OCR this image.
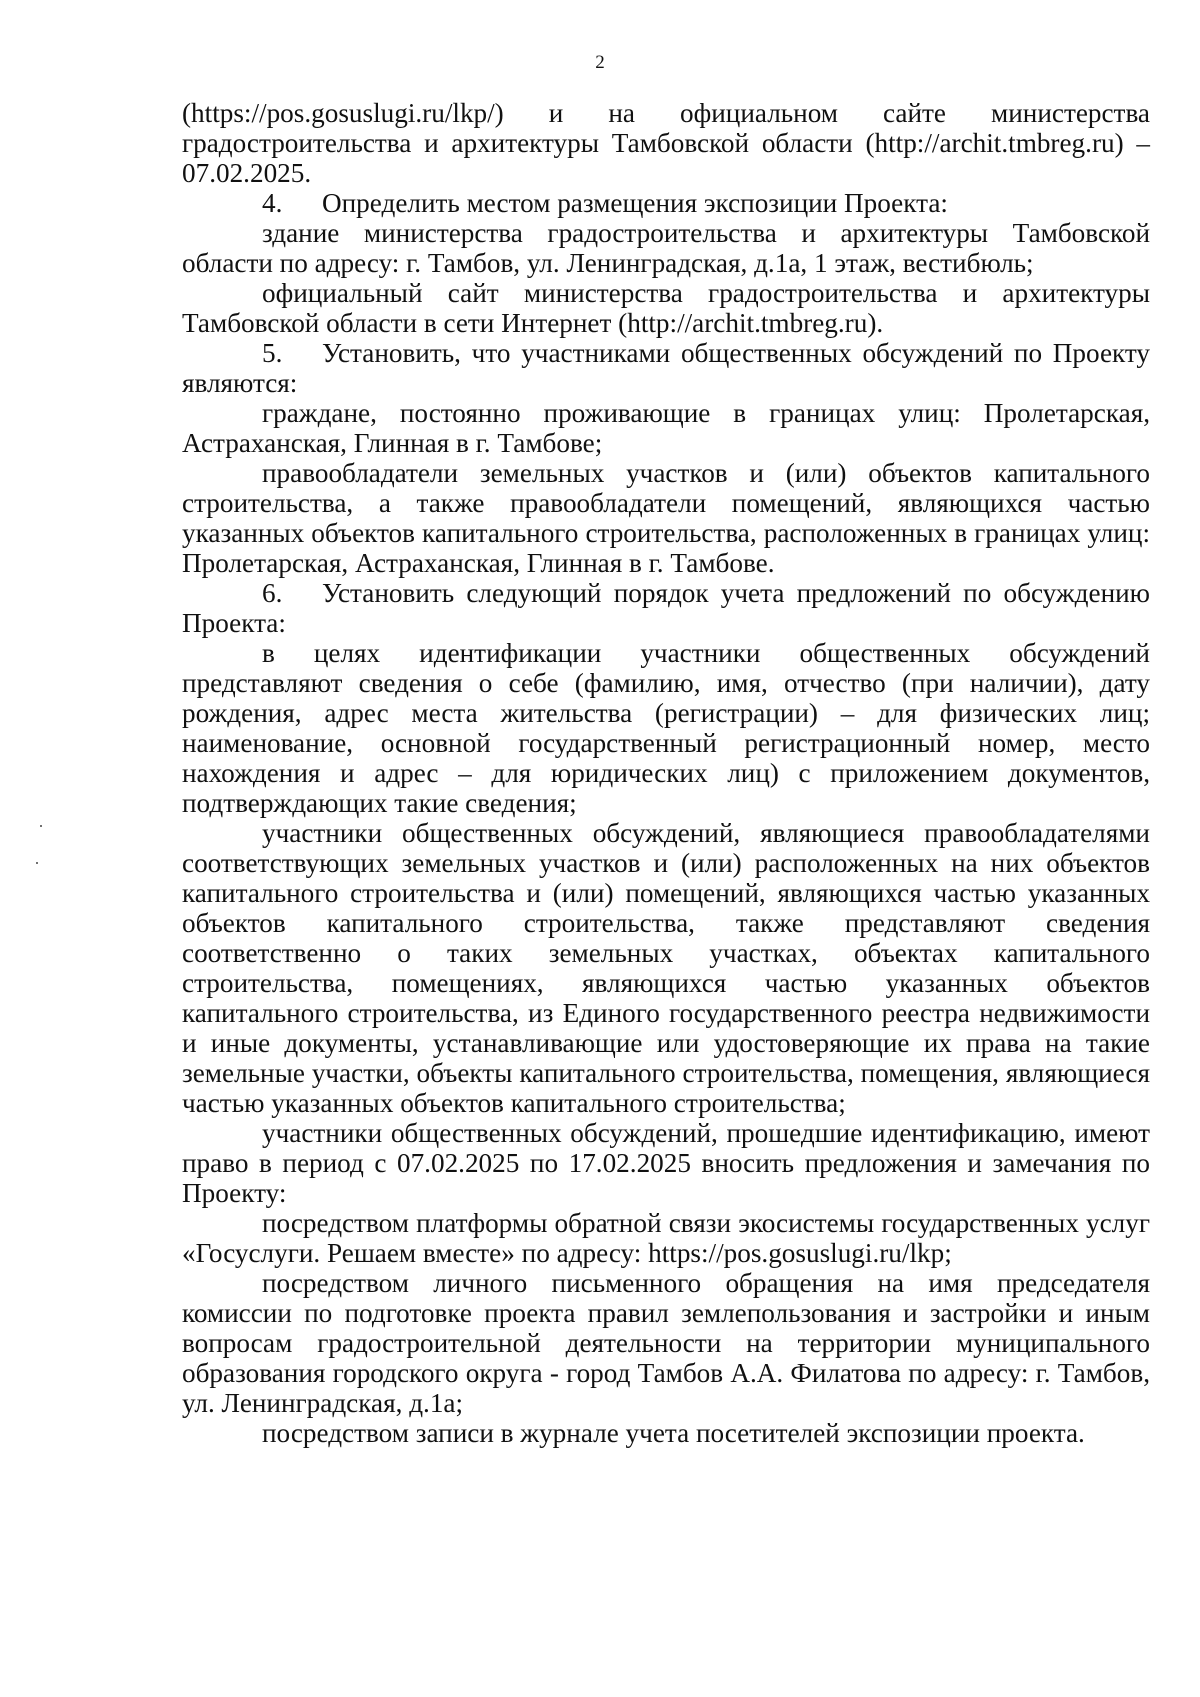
2

(https://pos.gosuslugi.ru/lkp/) и на официальном сайте министерства градостроительства и архитектуры Тамбовской области (http://archit.tmbreg.ru) – 07.02.2025.

4. Определить местом размещения экспозиции Проекта:

здание министерства градостроительства и архитектуры Тамбовской области по адресу: г. Тамбов, ул. Ленинградская, д.1а, 1 этаж, вестибюль;

официальный сайт министерства градостроительства и архитектуры Тамбовской области в сети Интернет (http://archit.tmbreg.ru).

5. Установить, что участниками общественных обсуждений по Проекту являются:

граждане, постоянно проживающие в границах улиц: Пролетарская, Астраханская, Глинная в г. Тамбове;

правообладатели земельных участков и (или) объектов капитального строительства, а также правообладатели помещений, являющихся частью указанных объектов капитального строительства, расположенных в границах улиц: Пролетарская, Астраханская, Глинная в г. Тамбове.

6. Установить следующий порядок учета предложений по обсуждению Проекта:

в целях идентификации участники общественных обсуждений представляют сведения о себе (фамилию, имя, отчество (при наличии), дату рождения, адрес места жительства (регистрации) – для физических лиц; наименование, основной государственный регистрационный номер, место нахождения и адрес – для юридических лиц) с приложением документов, подтверждающих такие сведения;

участники общественных обсуждений, являющиеся правообладателями соответствующих земельных участков и (или) расположенных на них объектов капитального строительства и (или) помещений, являющихся частью указанных объектов капитального строительства, также представляют сведения соответственно о таких земельных участках, объектах капитального строительства, помещениях, являющихся частью указанных объектов капитального строительства, из Единого государственного реестра недвижимости и иные документы, устанавливающие или удостоверяющие их права на такие земельные участки, объекты капитального строительства, помещения, являющиеся частью указанных объектов капитального строительства;

участники общественных обсуждений, прошедшие идентификацию, имеют право в период с 07.02.2025 по 17.02.2025 вносить предложения и замечания по Проекту:

посредством платформы обратной связи экосистемы государственных услуг «Госуслуги. Решаем вместе» по адресу: https://pos.gosuslugi.ru/lkp;

посредством личного письменного обращения на имя председателя комиссии по подготовке проекта правил землепользования и застройки и иным вопросам градостроительной деятельности на территории муниципального образования городского округа - город Тамбов А.А. Филатова по адресу: г. Тамбов, ул. Ленинградская, д.1а;

посредством записи в журнале учета посетителей экспозиции проекта.
